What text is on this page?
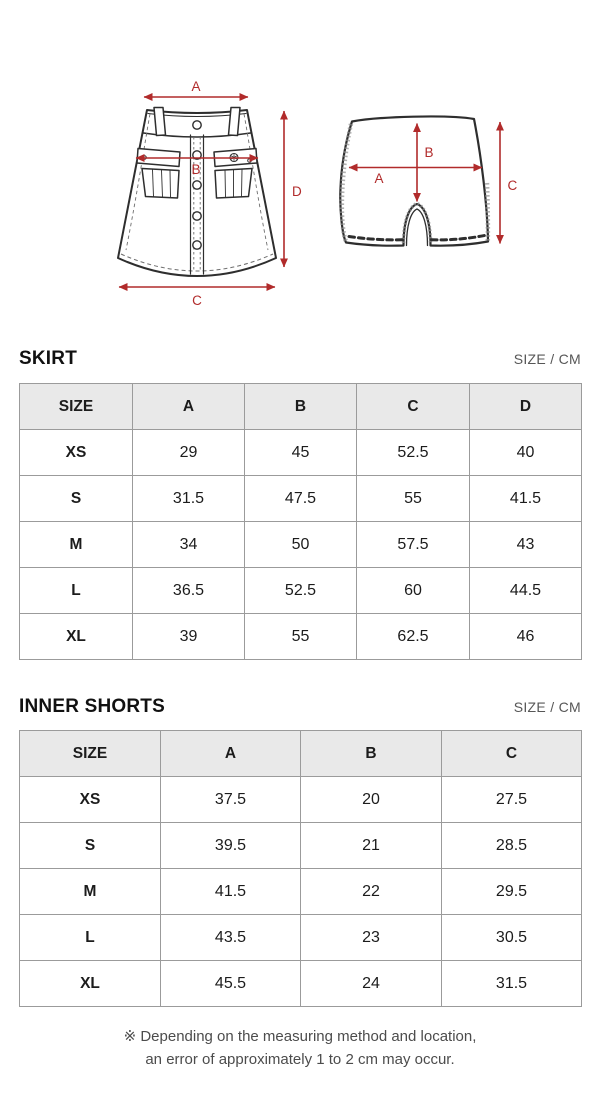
A
B
C
D
B
A	C
SKIRT	SIZE / CM
SIZE	A	B	C	D
XS	29	45	52.5	40
S	31.5	47.5	55	41.5
M	34	50	57.5	43
L	36.5	52.5	60	44.5
XL	39	55	62.5	46
INNER SHORTS	SIZE / CM
SIZE	A	B	C
XS	37.5	20	27.5
S	39.5	21	28.5
M	41.5	22	29.5
L	43.5	23	30.5
XL	45.5	24	31.5

※ Depending on the measuring method and location,
an error of approximately 1 to 2 cm may occur.
